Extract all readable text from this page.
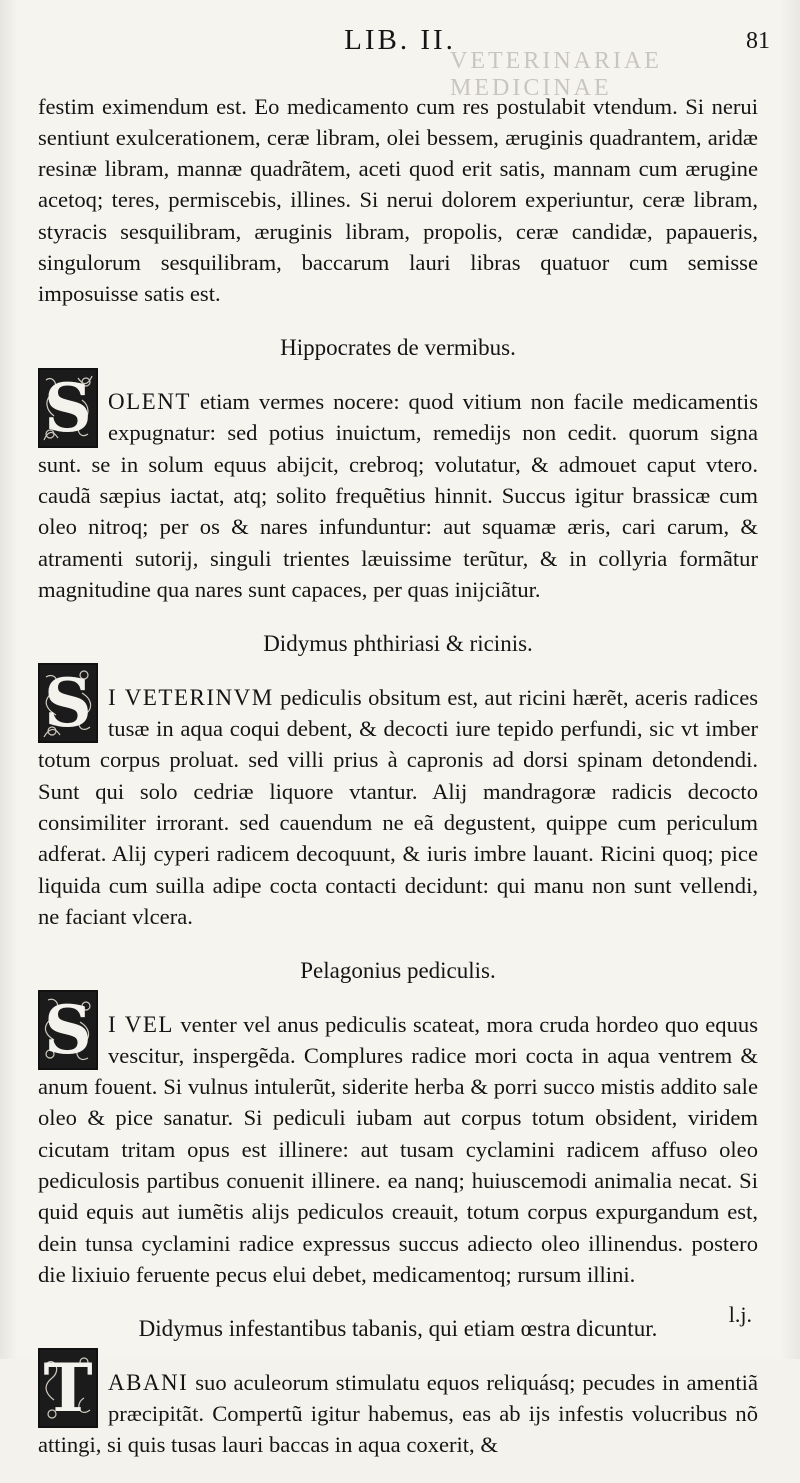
VETERINARIAE MEDICINAE
LIB. II.	81

festim eximendum est. Eo medicamento cum res postulabit vtendum. Si nerui sentiunt exulcerationem, ceræ libram, olei bessem, æruginis quadrantem, aridæ resinæ libram, mannæ quadrãtem, aceti quod erit satis, mannam cum ærugine acetoq; teres, permiscebis, illines. Si nerui dolorem experiuntur, ceræ libram, styracis sesquilibram, æruginis libram, propolis, ceræ candidæ, papaueris, singulorum sesquilibram, baccarum lauri libras quatuor cum semisse imposuisse satis est.

Hippocrates de vermibus.

S OLENT etiam vermes nocere: quod vitium non facile medicamentis expugnatur: sed potius inuictum, remedijs non cedit. quorum signa sunt. se in solum equus abijcit, crebroq; volutatur, & admouet caput vtero. caudã sæpius iactat, atq; solito frequẽtius hinnit. Succus igitur brassicæ cum oleo nitroq; per os & nares infunduntur: aut squamæ æris, cari carum, & atramenti sutorij, singuli trientes læuissime terũtur, & in collyria formãtur magnitudine qua nares sunt capaces, per quas inijciãtur.

Didymus phthiriasi & ricinis.

S I VETERINVM pediculis obsitum est, aut ricini hærẽt, aceris radices tusæ in aqua coqui debent, & decocti iure tepido perfundi, sic vt imber totum corpus proluat. sed villi prius à capronis ad dorsi spinam detondendi. Sunt qui solo cedriæ liquore vtantur. Alij mandragoræ radicis decocto consimiliter irrorant. sed cauendum ne eã degustent, quippe cum periculum adferat. Alij cyperi radicem decoquunt, & iuris imbre lauant. Ricini quoq; pice liquida cum suilla adipe cocta contacti decidunt: qui manu non sunt vellendi, ne faciant vlcera.

Pelagonius pediculis.

S I VEL venter vel anus pediculis scateat, mora cruda hordeo quo equus vescitur, inspergẽda. Complures radice mori cocta in aqua ventrem & anum fouent. Si vulnus intulerũt, siderite herba & porri succo mistis addito sale oleo & pice sanatur. Si pediculi iubam aut corpus totum obsident, viridem cicutam tritam opus est illinere: aut tusam cyclamini radicem affuso oleo pediculosis partibus conuenit illinere. ea nanq; huiuscemodi animalia necat. Si quid equis aut iumẽtis alijs pediculos creauit, totum corpus expurgandum est, dein tunsa cyclamini radice expressus succus adiecto oleo illinendus. postero die lixiuio feruente pecus elui debet, medicamentoq; rursum illini.

Didymus infestantibus tabanis, qui etiam œstra dicuntur.

T ABANI suo aculeorum stimulatu equos reliquásq; pecudes in amentiã præcipitãt. Compertũ igitur habemus, eas ab ijs infestis volucribus nõ attingi, si quis tusas lauri baccas in aqua coxerit, &

l.j.
